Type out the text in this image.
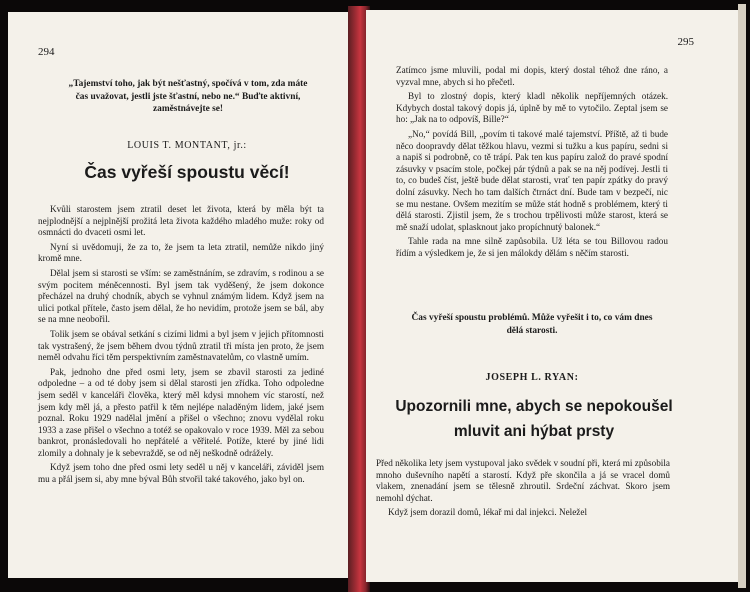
294
„Tajemství toho, jak být nešťastný, spočívá v tom, zda máte čas uvažovat, jestli jste šťastní, nebo ne.“ Buďte aktivní, zaměstnávejte se!
LOUIS T. MONTANT, jr.:
Čas vyřeší spoustu věcí!

Kvůli starostem jsem ztratil deset let života, která by měla být ta nejplodnější a nejplnější prožitá leta života každého mladého muže: roky od osmnácti do dvaceti osmi let.

Nyní si uvědomuji, že za to, že jsem ta leta ztratil, nemůže nikdo jiný kromě mne.

Dělal jsem si starosti se vším: se zaměstnáním, se zdravím, s rodinou a se svým pocitem méněcennosti. Byl jsem tak vyděšený, že jsem dokonce přecházel na druhý chodník, abych se vyhnul známým lidem. Když jsem na ulici potkal přítele, často jsem dělal, že ho nevidím, protože jsem se bál, aby se na mne neobořil.

Tolik jsem se obával setkání s cizími lidmi a byl jsem v jejich přítomnosti tak vystrašený, že jsem během dvou týdnů ztratil tři místa jen proto, že jsem neměl odvahu říci těm perspektivním zaměstnavatelům, co vlastně umím.

Pak, jednoho dne před osmi lety, jsem se zbavil starosti za jediné odpoledne – a od té doby jsem si dělal starosti jen zřídka. Toho odpoledne jsem seděl v kanceláři člověka, který měl kdysi mnohem víc starostí, než jsem kdy měl já, a přesto patřil k těm nejlépe naladěným lidem, jaké jsem poznal. Roku 1929 nadělal jmění a přišel o všechno; znovu vydělal roku 1933 a zase přišel o všechno a totéž se opakovalo v roce 1939. Měl za sebou bankrot, pronásledovali ho nepřátelé a věřitelé. Potíže, které by jiné lidi zlomily a dohnaly je k sebevraždě, se od něj neškodně odrážely.

Když jsem toho dne před osmi lety seděl u něj v kanceláři, záviděl jsem mu a přál jsem si, aby mne býval Bůh stvořil také takového, jako byl on.

295

Zatímco jsme mluvili, podal mi dopis, který dostal téhož dne ráno, a vyzval mne, abych si ho přečetl.

Byl to zlostný dopis, který kladl několik nepříjemných otázek. Kdybych dostal takový dopis já, úplně by mě to vytočilo. Zeptal jsem se ho: „Jak na to odpovíš, Bille?“

„No,“ povídá Bill, „povím ti takové malé tajemství. Příště, až ti bude něco doopravdy dělat těžkou hlavu, vezmi si tužku a kus papíru, sedni si a napiš si podrobně, co tě trápí. Pak ten kus papíru založ do pravé spodní zásuvky v psacím stole, počkej pár týdnů a pak se na něj podívej. Jestli ti to, co budeš číst, ještě bude dělat starosti, vrať ten papír zpátky do pravý dolní zásuvky. Nech ho tam dalších čtrnáct dní. Bude tam v bezpečí, nic se mu nestane. Ovšem mezitím se může stát hodně s problémem, který ti dělá starosti. Zjistil jsem, že s trochou trpělivosti může starost, která se mě snaží udolat, splasknout jako propíchnutý balonek.“

Tahle rada na mne silně zapůsobila. Už léta se tou Billovou radou řídím a výsledkem je, že si jen málokdy dělám s něčím starosti.

Čas vyřeší spoustu problémů. Může vyřešit i to, co vám dnes dělá starosti.
JOSEPH L. RYAN:
Upozornili mne, abych se nepokoušel mluvit ani hýbat prsty

Před několika lety jsem vystupoval jako svědek v soudní při, která mi způsobila mnoho duševního napětí a starostí. Když pře skončila a já se vracel domů vlakem, znenadání jsem se tělesně zhroutil. Srdeční záchvat. Skoro jsem nemohl dýchat.

Když jsem dorazil domů, lékař mi dal injekci. Neležel
